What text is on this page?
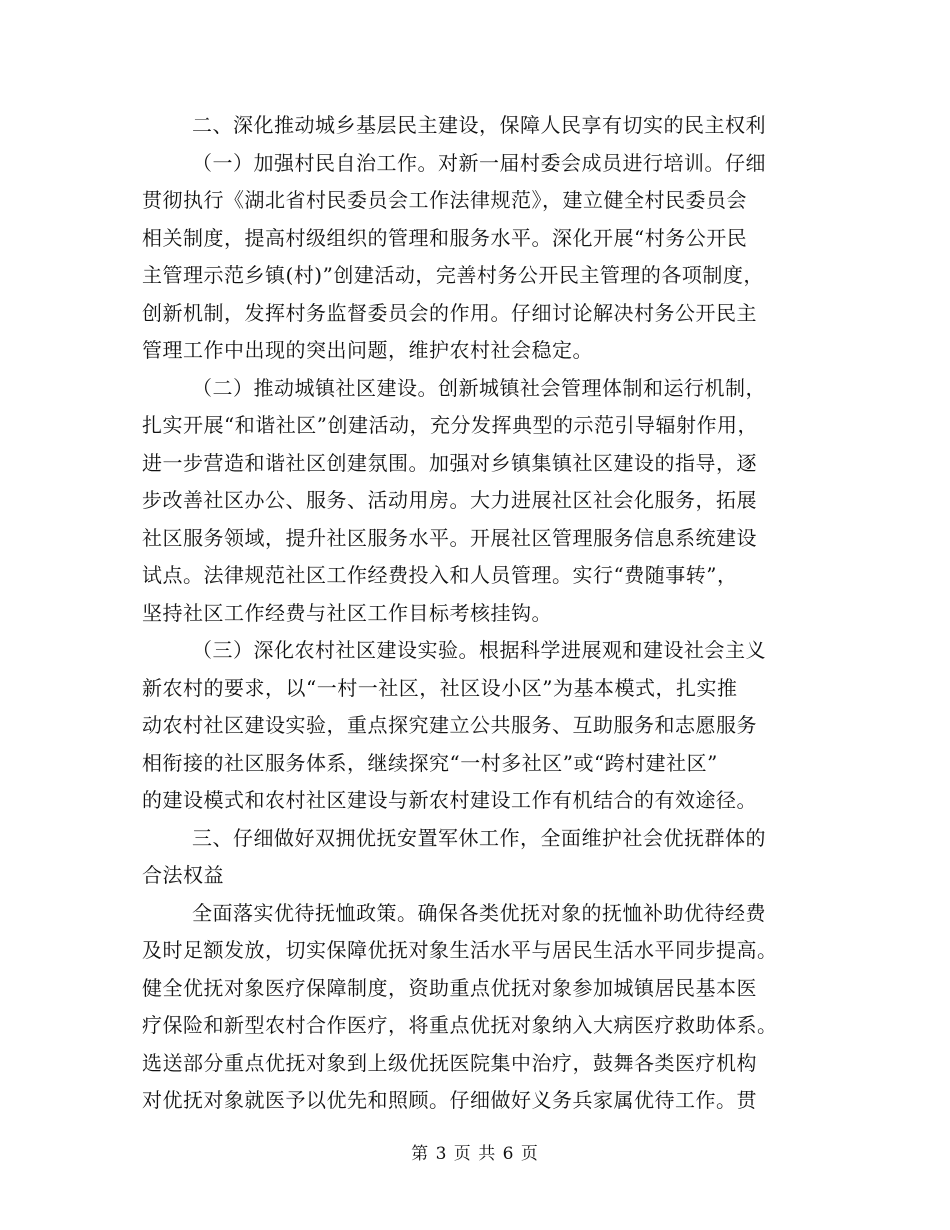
二、深化推动城乡基层民主建设，保障人民享有切实的民主权利
（一）加强村民自治工作。对新一届村委会成员进行培训。仔细
贯彻执行《湖北省村民委员会工作法律规范》，建立健全村民委员会
相关制度，提高村级组织的管理和服务水平。深化开展“村务公开民
主管理示范乡镇(村)”创建活动，完善村务公开民主管理的各项制度，
创新机制，发挥村务监督委员会的作用。仔细讨论解决村务公开民主
管理工作中出现的突出问题，维护农村社会稳定。
（二）推动城镇社区建设。创新城镇社会管理体制和运行机制，
扎实开展“和谐社区”创建活动，充分发挥典型的示范引导辐射作用，
进一步营造和谐社区创建氛围。加强对乡镇集镇社区建设的指导，逐
步改善社区办公、服务、活动用房。大力进展社区社会化服务，拓展
社区服务领域，提升社区服务水平。开展社区管理服务信息系统建设
试点。法律规范社区工作经费投入和人员管理。实行“费随事转”，
坚持社区工作经费与社区工作目标考核挂钩。
（三）深化农村社区建设实验。根据科学进展观和建设社会主义
新农村的要求，以“一村一社区，社区设小区”为基本模式，扎实推
动农村社区建设实验，重点探究建立公共服务、互助服务和志愿服务
相衔接的社区服务体系，继续探究“一村多社区”或“跨村建社区”
的建设模式和农村社区建设与新农村建设工作有机结合的有效途径。
三、仔细做好双拥优抚安置军休工作，全面维护社会优抚群体的
合法权益
全面落实优待抚恤政策。确保各类优抚对象的抚恤补助优待经费
及时足额发放，切实保障优抚对象生活水平与居民生活水平同步提高。
健全优抚对象医疗保障制度，资助重点优抚对象参加城镇居民基本医
疗保险和新型农村合作医疗，将重点优抚对象纳入大病医疗救助体系。
选送部分重点优抚对象到上级优抚医院集中治疗，鼓舞各类医疗机构
对优抚对象就医予以优先和照顾。仔细做好义务兵家属优待工作。贯
第 3 页 共 6 页
